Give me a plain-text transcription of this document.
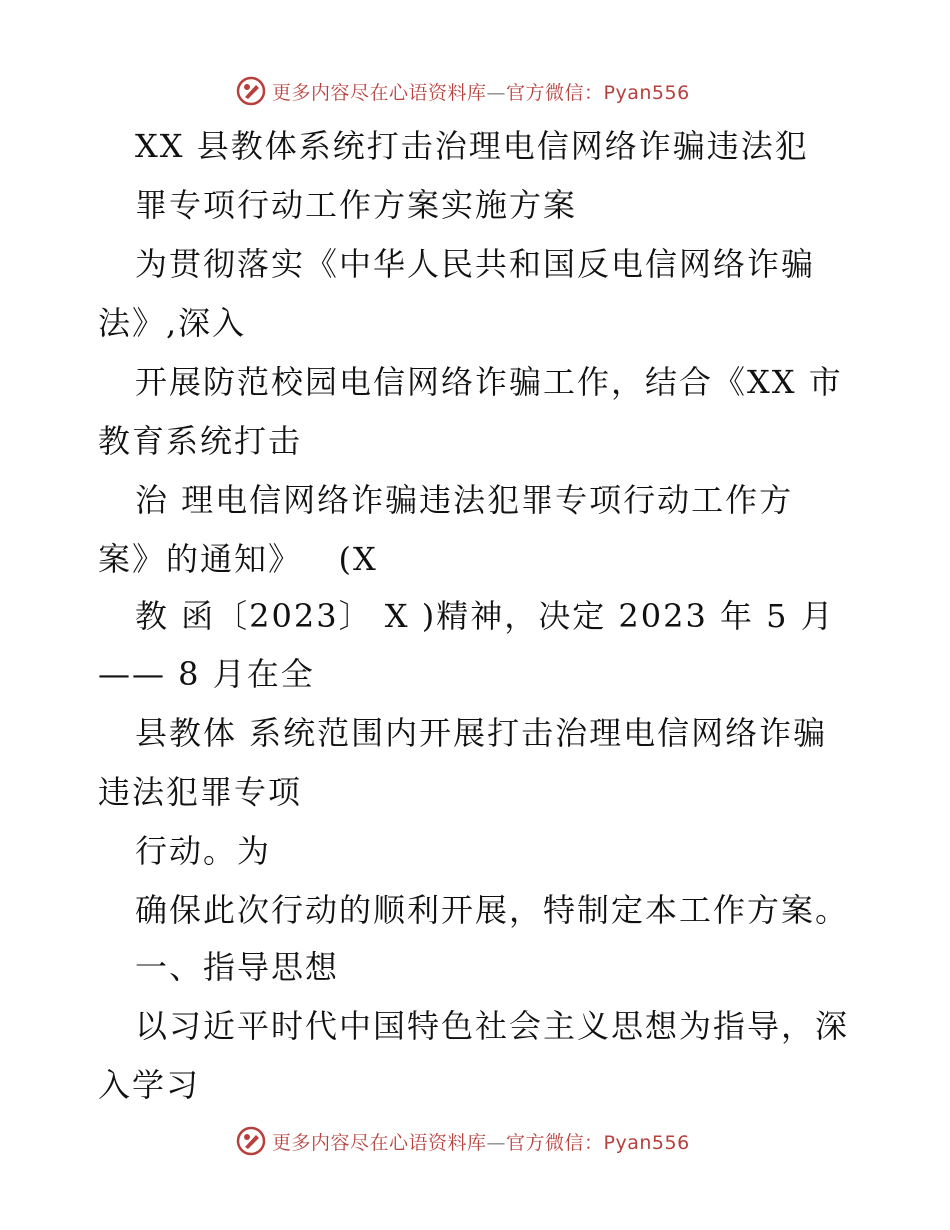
更多内容尽在心语资料库—官方微信：Pyan556
XX 县教体系统打击治理电信网络诈骗违法犯
罪专项行动工作方案实施方案
为贯彻落实《中华人民共和国反电信网络诈骗
法》,深入
开展防范校园电信网络诈骗工作，结合《XX 市
教育系统打击
治 理电信网络诈骗违法犯罪专项行动工作方
案》的通知》   (X
教 函〔2023〕 X )精神，决定 2023 年 5 月
—— 8 月在全
县教体 系统范围内开展打击治理电信网络诈骗
违法犯罪专项
行动。为
确保此次行动的顺利开展，特制定本工作方案。
一、指导思想
以习近平时代中国特色社会主义思想为指导，深
入学习
更多内容尽在心语资料库—官方微信：Pyan556
